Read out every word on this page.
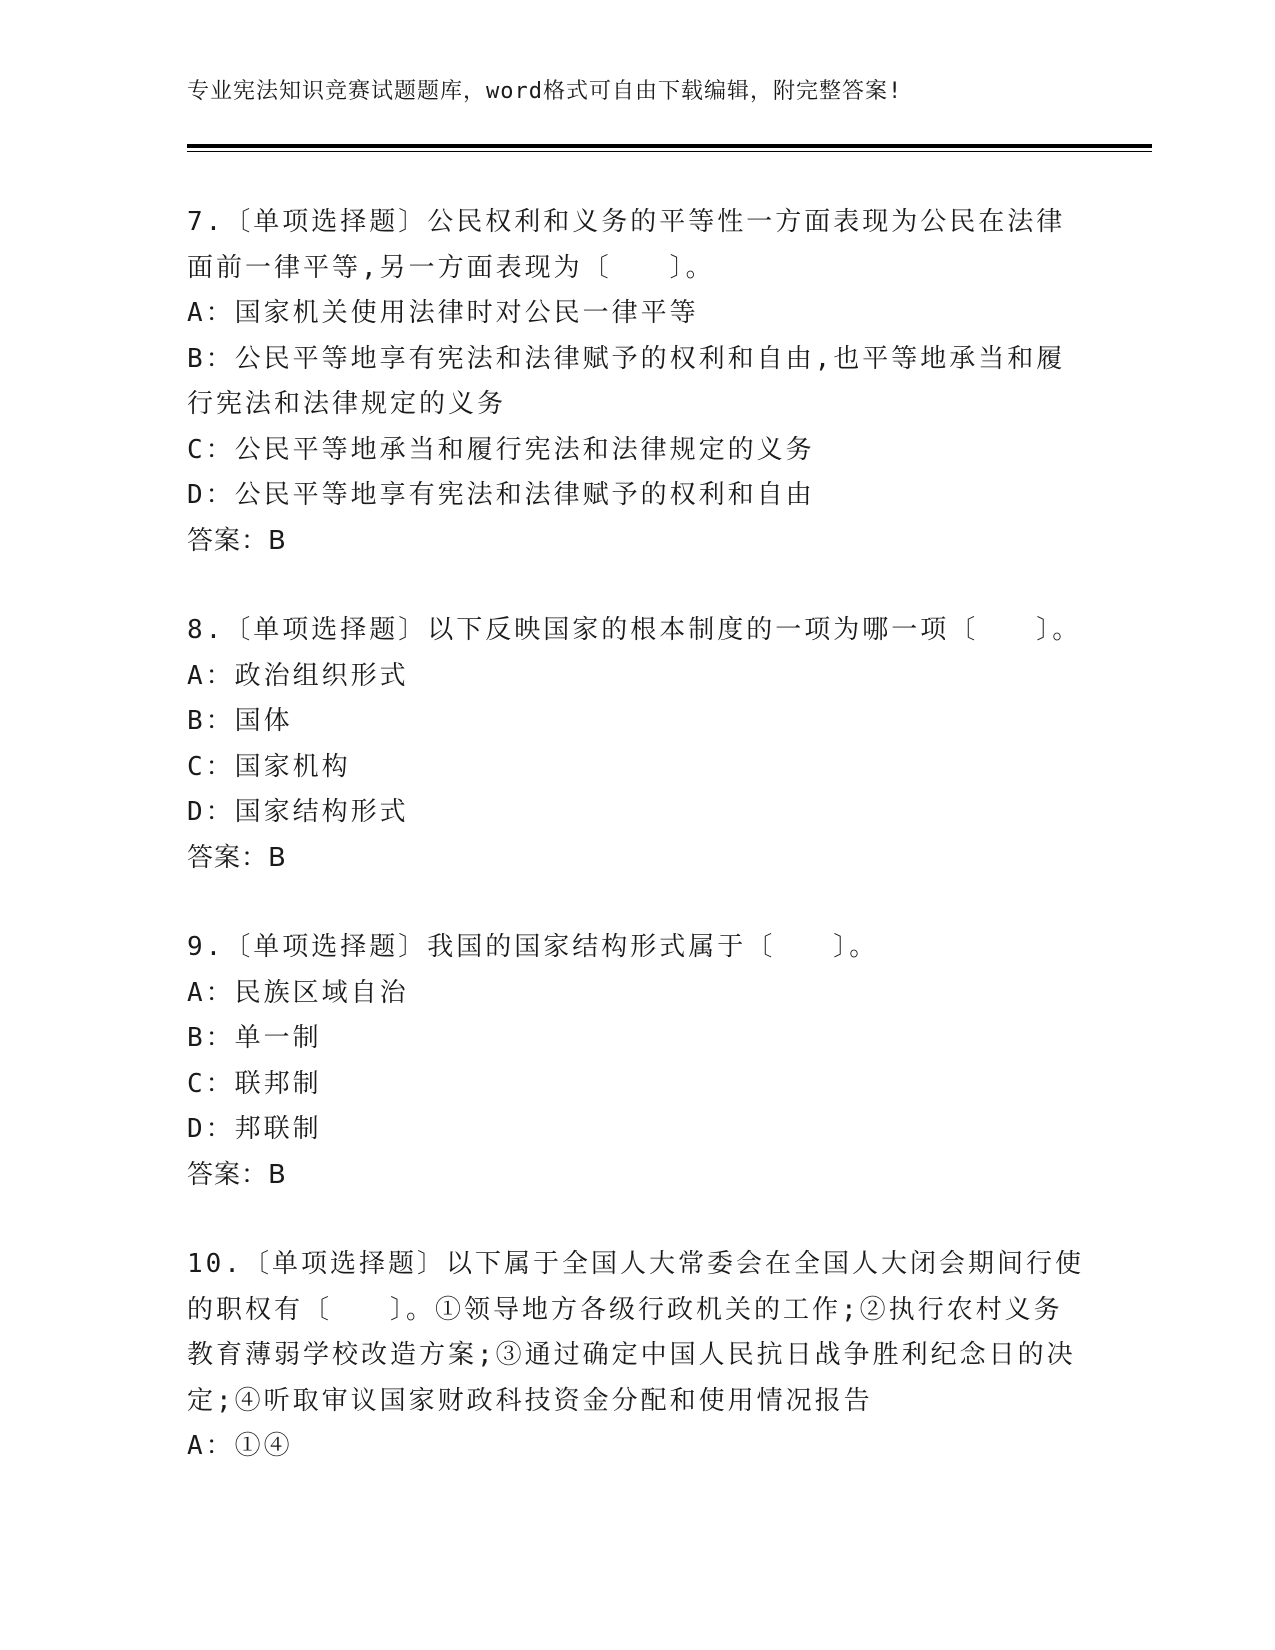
专业宪法知识竞赛试题题库，word格式可自由下载编辑，附完整答案!
7.〔单项选择题〕公民权利和义务的平等性一方面表现为公民在法律
面前一律平等,另一方面表现为〔　　〕。
A：国家机关使用法律时对公民一律平等
B：公民平等地享有宪法和法律赋予的权利和自由,也平等地承当和履
行宪法和法律规定的义务
C：公民平等地承当和履行宪法和法律规定的义务
D：公民平等地享有宪法和法律赋予的权利和自由
答案：B
8.〔单项选择题〕以下反映国家的根本制度的一项为哪一项〔　　〕。
A：政治组织形式
B：国体
C：国家机构
D：国家结构形式
答案：B
9.〔单项选择题〕我国的国家结构形式属于〔　　〕。
A：民族区域自治
B：单一制
C：联邦制
D：邦联制
答案：B
10.〔单项选择题〕以下属于全国人大常委会在全国人大闭会期间行使
的职权有〔　　〕。①领导地方各级行政机关的工作;②执行农村义务
教育薄弱学校改造方案;③通过确定中国人民抗日战争胜利纪念日的决
定;④听取审议国家财政科技资金分配和使用情况报告
A：①④
